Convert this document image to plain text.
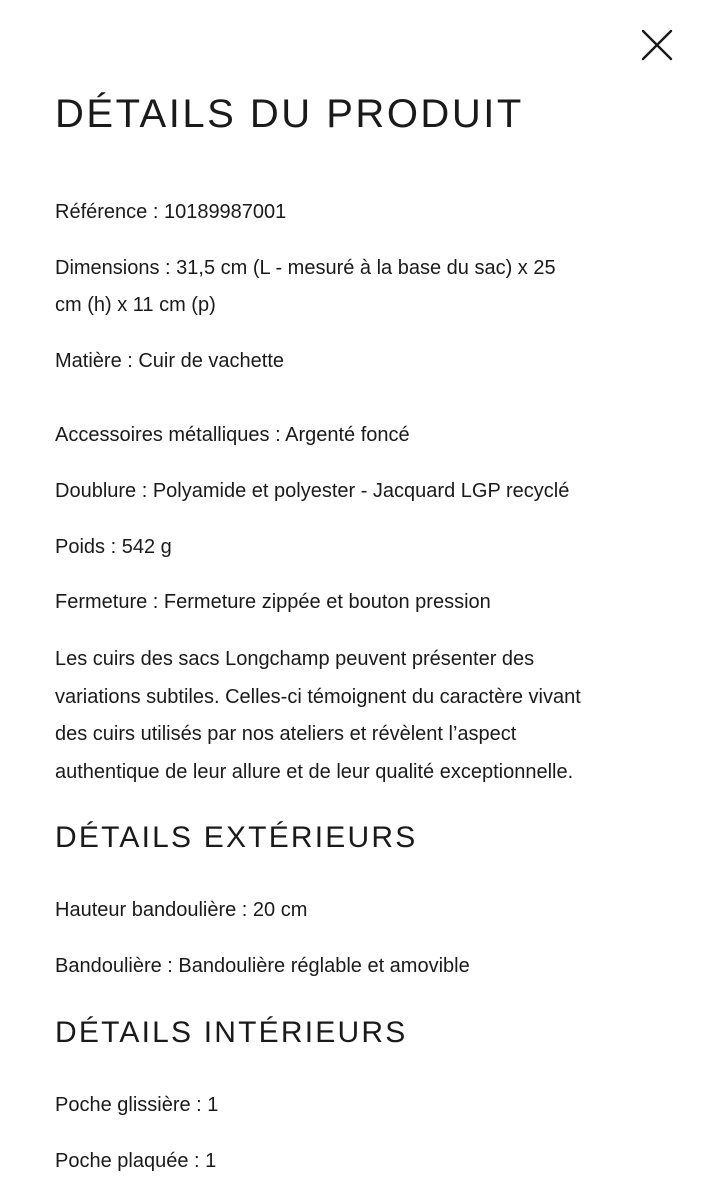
DÉTAILS DU PRODUIT

Référence : 10189987001

Dimensions : 31,5 cm (L - mesuré à la base du sac) x 25

cm (h) x 11 cm (p)

Matière : Cuir de vachette

Accessoires métalliques : Argenté foncé

Doublure : Polyamide et polyester - Jacquard LGP recyclé

Poids : 542 g

Fermeture : Fermeture zippée et bouton pression

Les cuirs des sacs Longchamp peuvent présenter des
variations subtiles. Celles-ci témoignent du caractère vivant
des cuirs utilisés par nos ateliers et révèlent l’aspect
authentique de leur allure et de leur qualité exceptionnelle.
DÉTAILS EXTÉRIEURS

Hauteur bandoulière : 20 cm

Bandoulière : Bandoulière réglable et amovible

DÉTAILS INTÉRIEURS

Poche glissière : 1

Poche plaquée : 1
